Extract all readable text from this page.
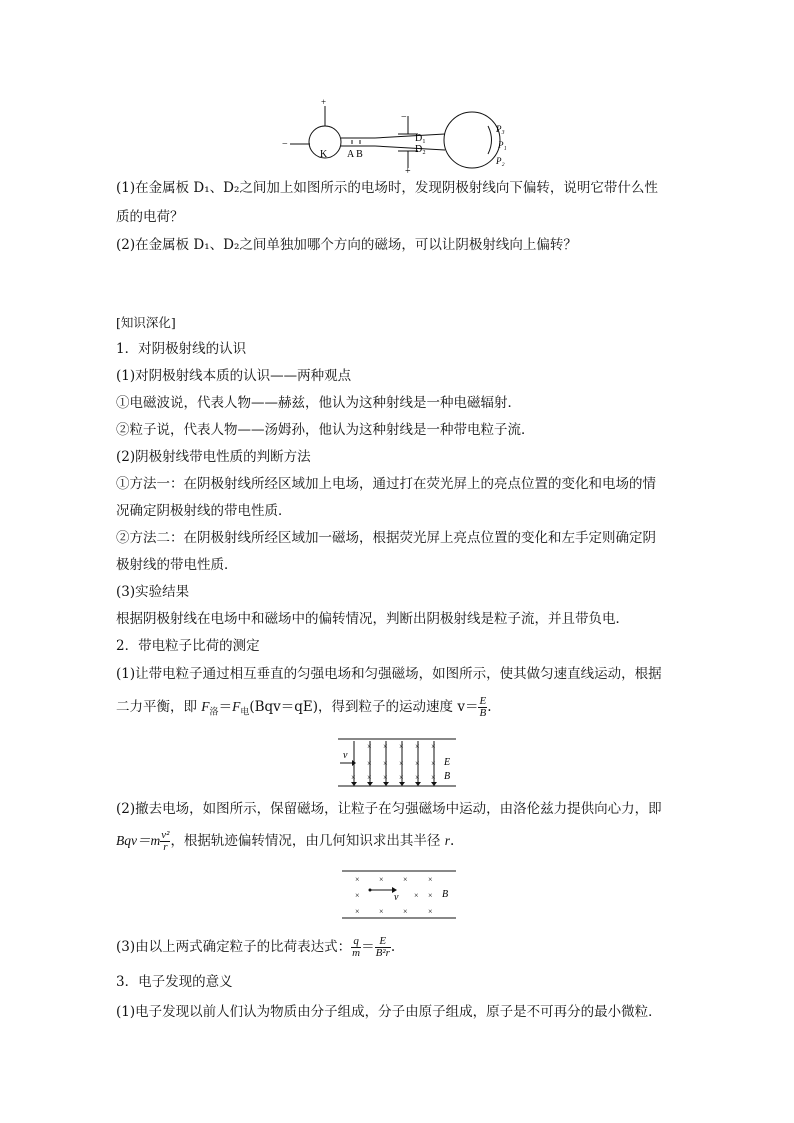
+
−
K A B
−
+
D₁
D₂
P₃
P₁
P₂
(1)在金属板 D₁、D₂之间加上如图所示的电场时，发现阴极射线向下偏转，说明它带什么性
质的电荷？
(2)在金属板 D₁、D₂之间单独加哪个方向的磁场，可以让阴极射线向上偏转？
[知识深化]
1．对阴极射线的认识
(1)对阴极射线本质的认识——两种观点
①电磁波说，代表人物——赫兹，他认为这种射线是一种电磁辐射．
②粒子说，代表人物——汤姆孙，他认为这种射线是一种带电粒子流．
(2)阴极射线带电性质的判断方法
①方法一：在阴极射线所经区域加上电场，通过打在荧光屏上的亮点位置的变化和电场的情
况确定阴极射线的带电性质．
②方法二：在阴极射线所经区域加一磁场，根据荧光屏上亮点位置的变化和左手定则确定阴
极射线的带电性质．
(3)实验结果
根据阴极射线在电场中和磁场中的偏转情况，判断出阴极射线是粒子流，并且带负电．
2．带电粒子比荷的测定
(1)让带电粒子通过相互垂直的匀强电场和匀强磁场，如图所示，使其做匀速直线运动，根据
二力平衡，即 $F_洛=F_电(Bqv=qE)$，得到粒子的运动速度 $v= \frac{E}{B}$ .
× × × × ×
× × × × ×
× × × × × ×
v
E
B
(2)撤去电场，如图所示，保留磁场，让粒子在匀强磁场中运动，由洛伦兹力提供向心力，即
$Bqv=m \frac{\text{v²}}{r}$ ，根据轨迹偏转情况，由几何知识求出其半径 r.
× × ×	×
×	× ×
× × ×	×
v	B
(3)由以上两式确定粒子的比荷表达式： $\frac{q}{m} = \frac{E}{\text{B²r}}$ .
3．电子发现的意义
(1)电子发现以前人们认为物质由分子组成，分子由原子组成，原子是不可再分的最小微粒．
